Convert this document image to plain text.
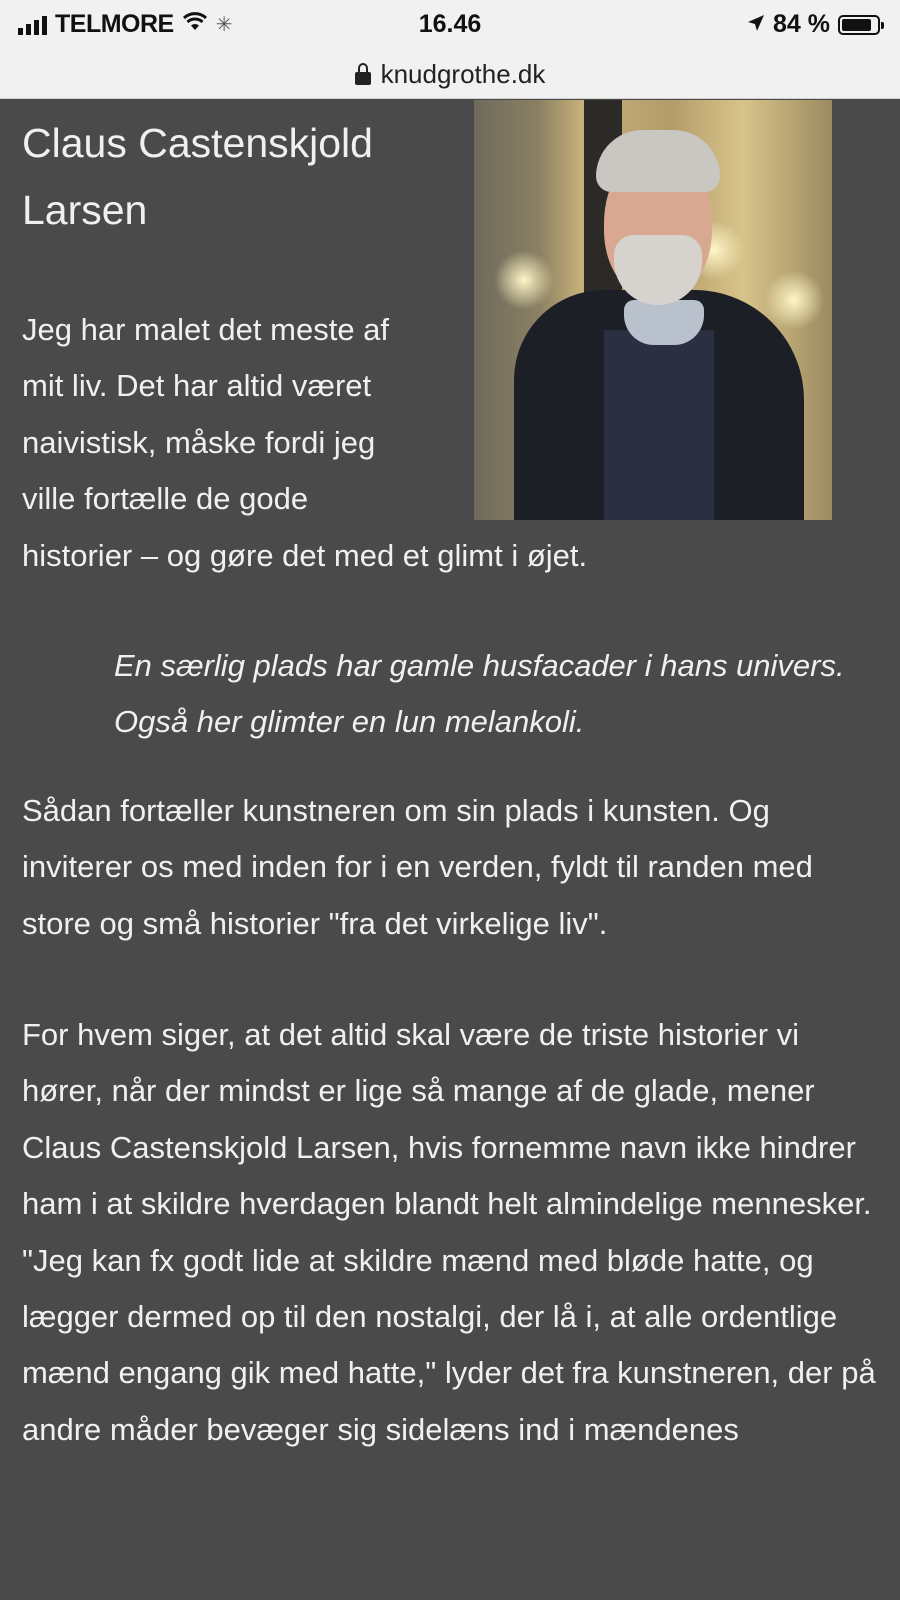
TELMORE ✳	16.46	84 %
knudgrothe.dk
Claus Castenskjold Larsen

Jeg har malet det meste af mit liv. Det har altid været naivistisk, måske fordi jeg ville fortælle de gode historier – og gøre det med et glimt i øjet.

En særlig plads har gamle husfacader i hans univers. Også her glimter en lun melankoli.

Sådan fortæller kunstneren om sin plads i kunsten. Og inviterer os med inden for i en verden, fyldt til randen med store og små historier "fra det virkelige liv".

For hvem siger, at det altid skal være de triste historier vi hører, når der mindst er lige så mange af de glade, mener Claus Castenskjold Larsen, hvis fornemme navn ikke hindrer ham i at skildre hverdagen blandt helt almindelige mennesker. "Jeg kan fx godt lide at skildre mænd med bløde hatte, og lægger dermed op til den nostalgi, der lå i, at alle ordentlige mænd engang gik med hatte," lyder det fra kunstneren, der på andre måder bevæger sig sidelæns ind i mændenes
